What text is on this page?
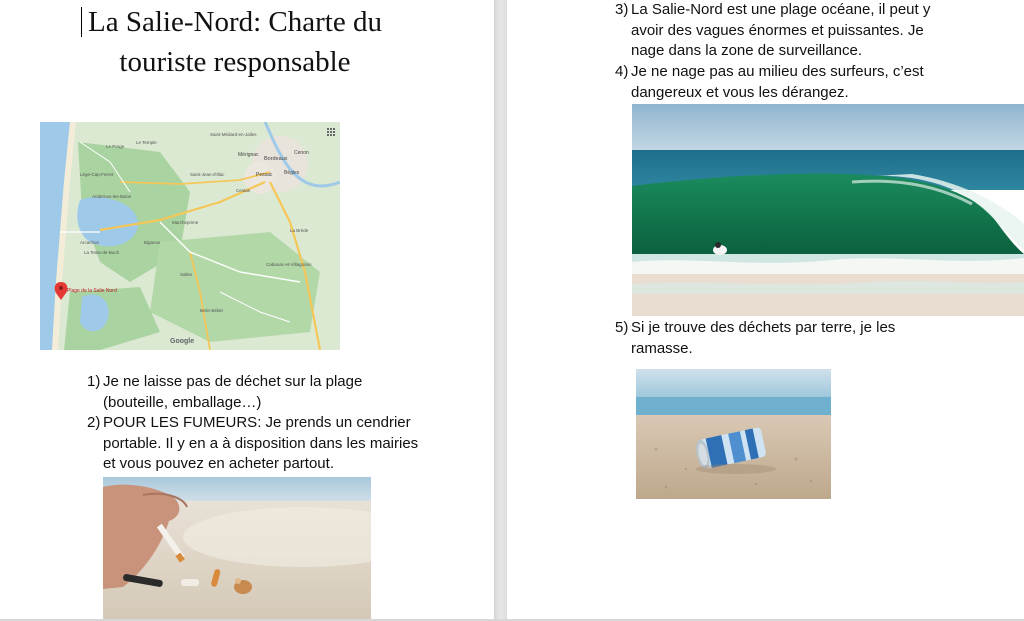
La Salie-Nord: Charte du
touriste responsable
Bordeaux
Pessac Bègles
Mérignac	Cenon
Saint-Médard-en-Jalles
Le Temple
Le Porge
Lège-Cap-Ferret
Andernos-les-Bains
Saint-Jean-d'Illac
Cestas
Marcheprime
Biganos
Arcachon
La Teste-de-Buch
La Brède
Salles
Cabanac-et-Villagrains
Belin-Béliet
Plage de la Salie Nord
Google
1) Je ne laisse pas de déchet sur la plage
(bouteille, emballage…)
2) POUR LES FUMEURS: Je prends un cendrier
portable. Il y en a à disposition dans les mairies
et vous pouvez en acheter partout.
3) La Salie-Nord est une plage océane, il peut y
avoir des vagues énormes et puissantes. Je
nage dans la zone de surveillance.
4) Je ne nage pas au milieu des surfeurs, c’est
dangereux et vous les dérangez.
5) Si je trouve des déchets par terre, je les
ramasse.
